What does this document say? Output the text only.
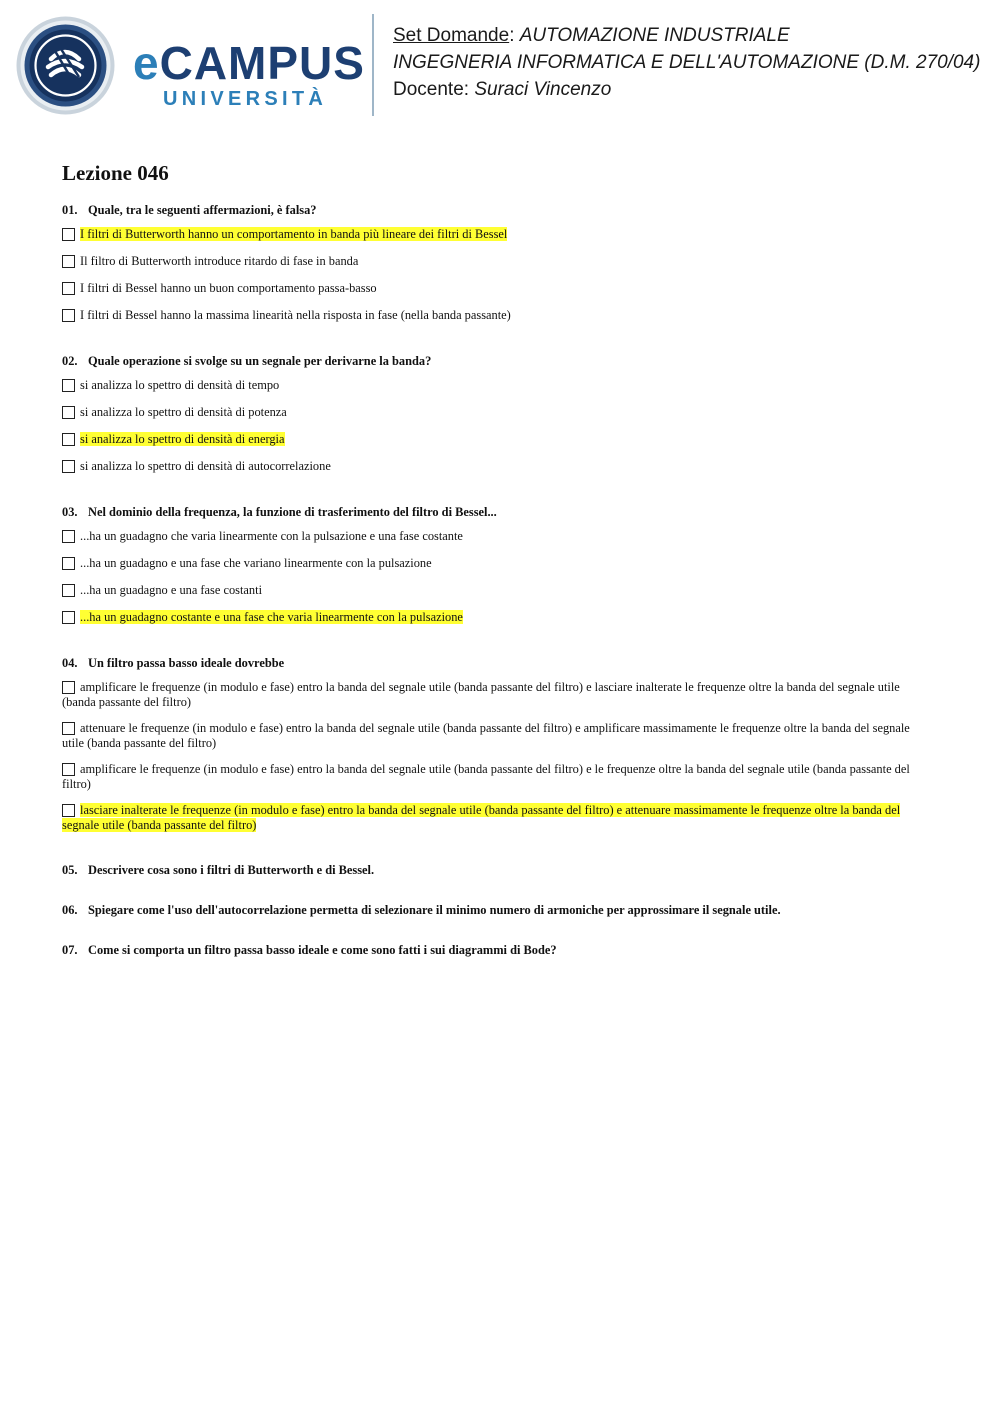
eCAMPUS
UNIVERSITÀ
Set Domande: AUTOMAZIONE INDUSTRIALE
INGEGNERIA INFORMATICA E DELL'AUTOMAZIONE (D.M. 270/04)
Docente: Suraci Vincenzo
Lezione 046
01. Quale, tra le seguenti affermazioni, è falsa?
I filtri di Butterworth hanno un comportamento in banda più lineare dei filtri di Bessel
Il filtro di Butterworth introduce ritardo di fase in banda
I filtri di Bessel hanno un buon comportamento passa-basso
I filtri di Bessel hanno la massima linearità nella risposta in fase (nella banda passante)
02. Quale operazione si svolge su un segnale per derivarne la banda?
si analizza lo spettro di densità di tempo
si analizza lo spettro di densità di potenza
si analizza lo spettro di densità di energia
si analizza lo spettro di densità di autocorrelazione
03. Nel dominio della frequenza, la funzione di trasferimento del filtro di Bessel...
...ha un guadagno che varia linearmente con la pulsazione e una fase costante
...ha un guadagno e una fase che variano linearmente con la pulsazione
...ha un guadagno e una fase costanti
...ha un guadagno costante e una fase che varia linearmente con la pulsazione
04. Un filtro passa basso ideale dovrebbe
amplificare le frequenze (in modulo e fase) entro la banda del segnale utile (banda passante del filtro) e lasciare inalterate le frequenze oltre la banda del segnale utile (banda passante del filtro)
attenuare le frequenze (in modulo e fase) entro la banda del segnale utile (banda passante del filtro) e amplificare massimamente le frequenze oltre la banda del segnale utile (banda passante del filtro)
amplificare le frequenze (in modulo e fase) entro la banda del segnale utile (banda passante del filtro) e le frequenze oltre la banda del segnale utile (banda passante del filtro)
lasciare inalterate le frequenze (in modulo e fase) entro la banda del segnale utile (banda passante del filtro) e attenuare massimamente le frequenze oltre la banda del segnale utile (banda passante del filtro)
05. Descrivere cosa sono i filtri di Butterworth e di Bessel.
06. Spiegare come l'uso dell'autocorrelazione permetta di selezionare il minimo numero di armoniche per approssimare il segnale utile.
07. Come si comporta un filtro passa basso ideale e come sono fatti i sui diagrammi di Bode?
